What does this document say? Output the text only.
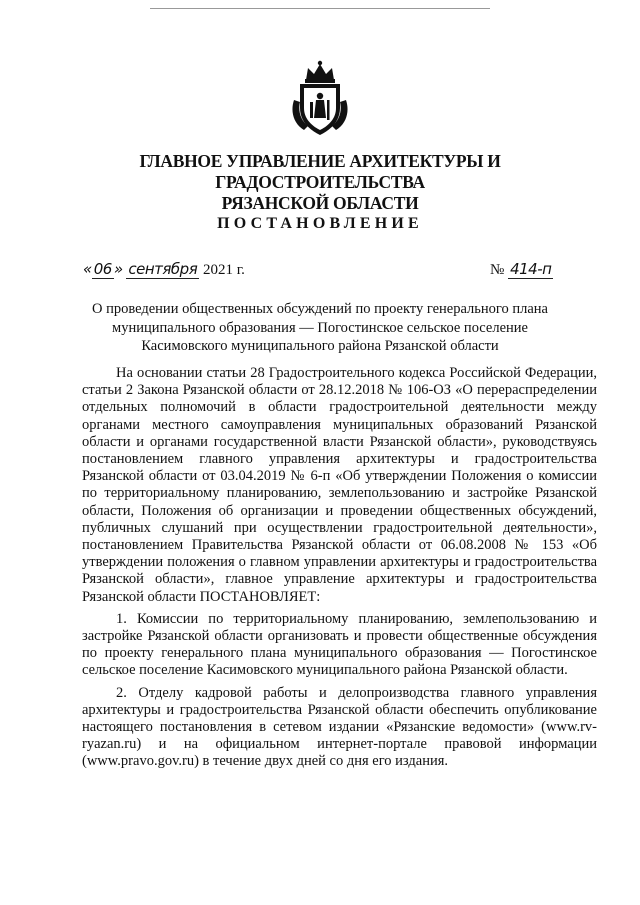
ГЛАВНОЕ УПРАВЛЕНИЕ АРХИТЕКТУРЫ И ГРАДОСТРОИТЕЛЬСТВА
РЯЗАНСКОЙ ОБЛАСТИ
ПОСТАНОВЛЕНИЕ
« 06 » сентября 2021 г.	№ 414-п
О проведении общественных обсуждений по проекту генерального плана
муниципального образования — Погостинское сельское поселение
Касимовского муниципального района Рязанской области

На основании статьи 28 Градостроительного кодекса Российской Федерации, статьи 2 Закона Рязанской области от 28.12.2018 № 106-ОЗ «О перераспределении отдельных полномочий в области градостроительной деятельности между органами местного самоуправления муниципальных образований Рязанской области и органами государственной власти Рязанской области», руководствуясь постановлением главного управления архитектуры и градостроительства Рязанской области от 03.04.2019 № 6-п «Об утверждении Положения о комиссии по территориальному планированию, землепользованию и застройке Рязанской области, Положения об организации и проведении общественных обсуждений, публичных слушаний при осуществлении градостроительной деятельности», постановлением Правительства Рязанской области от 06.08.2008 № 153 «Об утверждении положения о главном управлении архитектуры и градостроительства Рязанской области», главное управление архитектуры и градостроительства Рязанской области ПОСТАНОВЛЯЕТ:

1. Комиссии по территориальному планированию, землепользованию и застройке Рязанской области организовать и провести общественные обсуждения по проекту генерального плана муниципального образования — Погостинское сельское поселение Касимовского муниципального района Рязанской области.

2. Отделу кадровой работы и делопроизводства главного управления архитектуры и градостроительства Рязанской области обеспечить опубликование настоящего постановления в сетевом издании «Рязанские ведомости» (www.rv-ryazan.ru) и на официальном интернет-портале правовой информации (www.pravo.gov.ru) в течение двух дней со дня его издания.
